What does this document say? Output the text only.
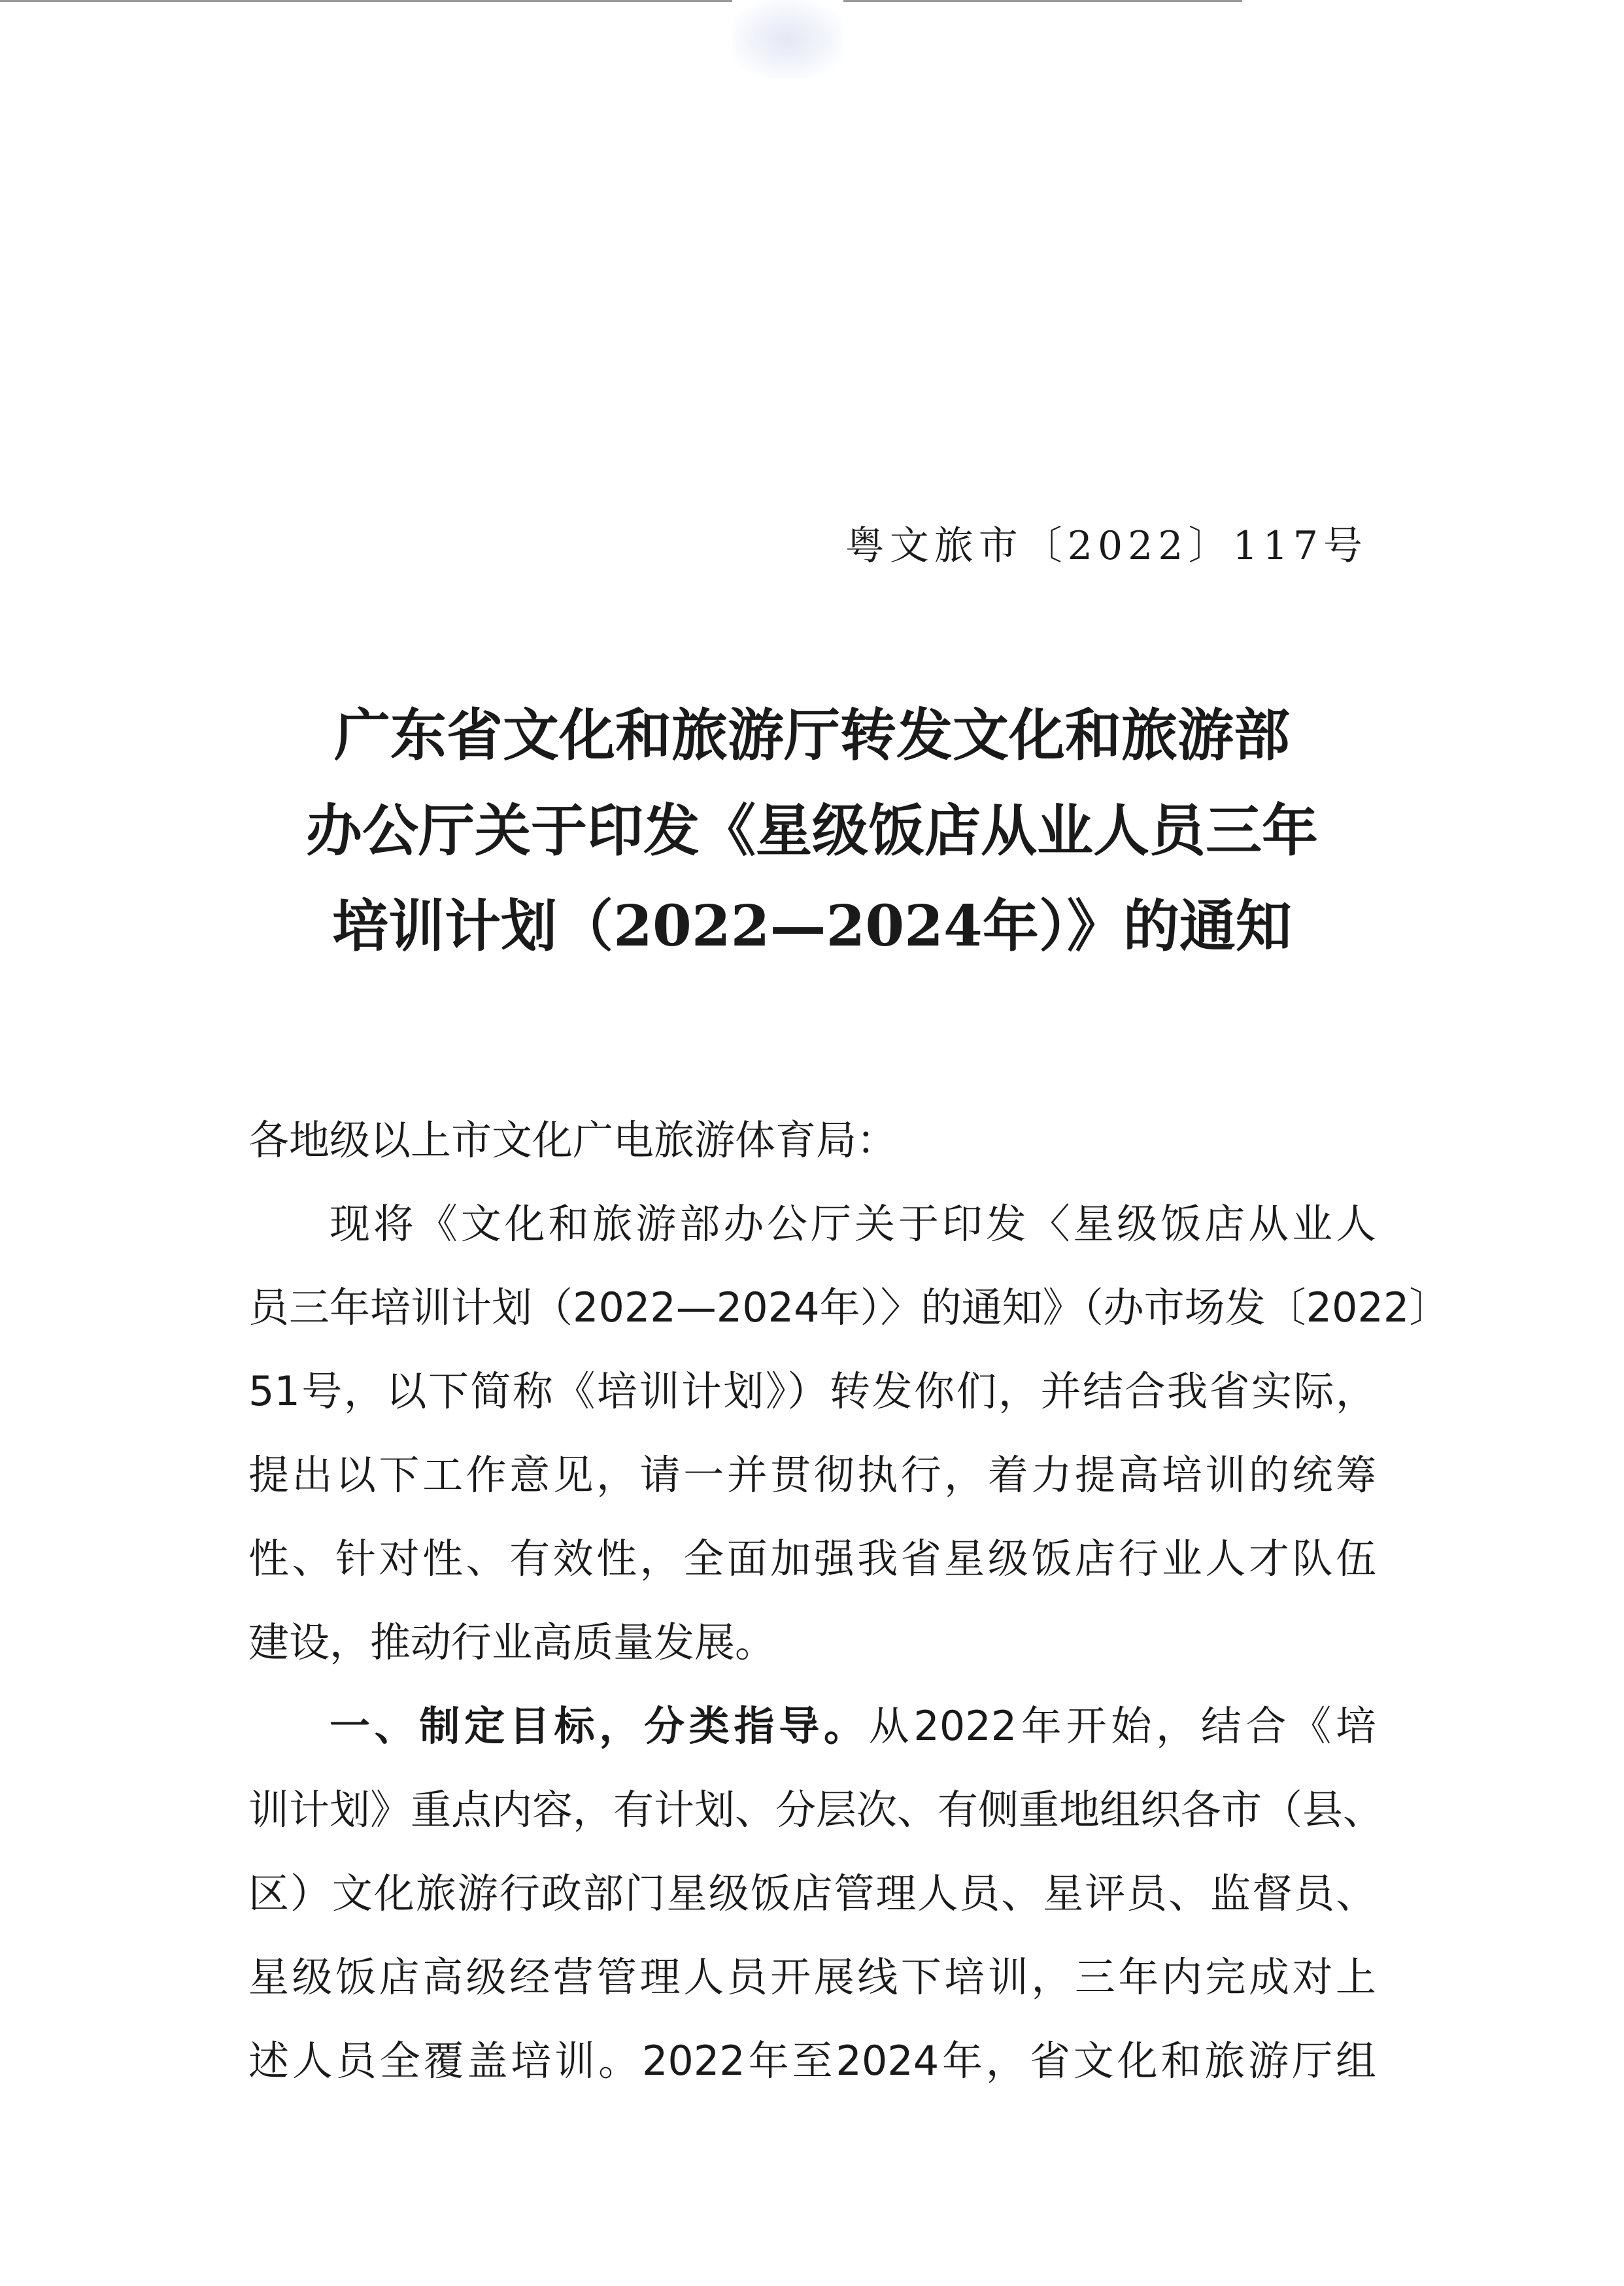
粤文旅市〔2022〕117号
广东省文化和旅游厅转发文化和旅游部
办公厅关于印发《星级饭店从业人员三年
培训计划（2022—2024年）》的通知
各地级以上市文化广电旅游体育局：
现将《文化和旅游部办公厅关于印发〈星级饭店从业人
员三年培训计划（2022—2024年）〉的通知》（办市场发〔2022〕
51号，以下简称《培训计划》）转发你们，并结合我省实际，
提出以下工作意见，请一并贯彻执行，着力提高培训的统筹
性、针对性、有效性，全面加强我省星级饭店行业人才队伍
建设，推动行业高质量发展。
一、制定目标，分类指导。从2022年开始，结合《培
训计划》重点内容，有计划、分层次、有侧重地组织各市（县、
区）文化旅游行政部门星级饭店管理人员、星评员、监督员、
星级饭店高级经营管理人员开展线下培训，三年内完成对上
述人员全覆盖培训。2022年至2024年，省文化和旅游厅组
